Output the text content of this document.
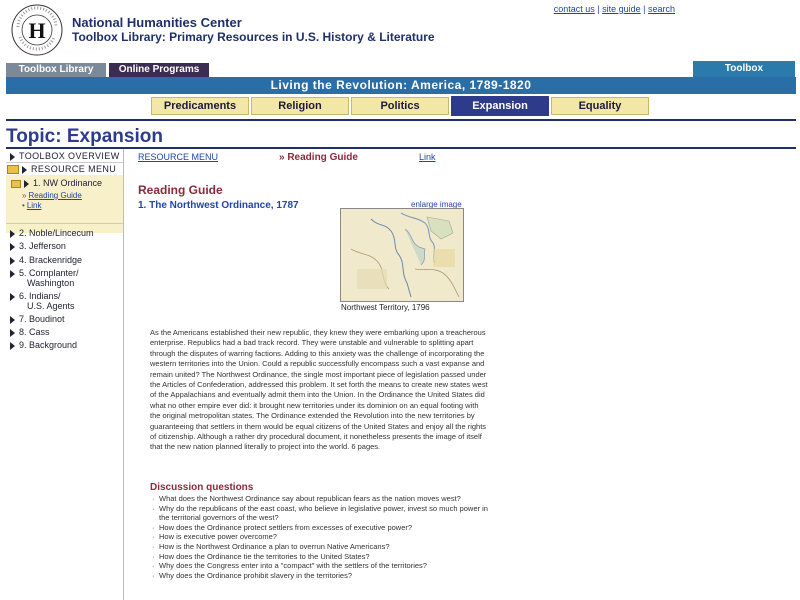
H National Humanities Center
Toolbox Library: Primary Resources in U.S. History & Literature
contact us | site guide | search
Toolbox Library	Online Programs	Toolbox
Living the Revolution: America, 1789-1820
Predicaments	Religion	Politics	Expansion	Equality
Topic: Expansion
TOOLBOX OVERVIEW
RESOURCE MENU
1. NW Ordinance
» Reading Guide
• Link
2. Noble/Lincecum
3. Jefferson
4. Brackenridge
5. Cornplanter/
Washington
6. Indians/
U.S. Agents
7. Boudinot
8. Cass
9. Background
RESOURCE MENU	» Reading Guide	Link
Reading Guide
1. The Northwest Ordinance, 1787	enlarge image
Northwest Territory, 1796

As the Americans established their new republic, they knew they were embarking upon a treacherous enterprise. Republics had a bad track record. They were unstable and vulnerable to splitting apart through the disputes of warring factions. Adding to this anxiety was the challenge of incorporating the western territories into the Union. Could a republic successfully encompass such a vast expanse and remain united? The Northwest Ordinance, the single most important piece of legislation passed under the Articles of Confederation, addressed this problem. It set forth the means to create new states west of the Appalachians and eventually admit them into the Union. In the Ordinance the United States did what no other empire ever did: it brought new territories under its dominion on an equal footing with the original metropolitan states. The Ordinance extended the Revolution into the new territories by guaranteeing that settlers in them would be equal citizens of the United States and enjoy all the rights of citizenship. Although a rather dry procedural document, it nonetheless presents the image of itself that the new nation planned literally to project into the world. 6 pages.

Discussion questions
· What does the Northwest Ordinance say about republican fears as the nation moves west?
· Why do the republicans of the east coast, who believe in legislative power, invest so much power in the territorial governors of the west?
· How does the Ordinance protect settlers from excesses of executive power?
· How is executive power overcome?
· How is the Northwest Ordinance a plan to overrun Native Americans?
· How does the Ordinance tie the territories to the United States?
· Why does the Congress enter into a "compact" with the settlers of the territories?
· Why does the Ordinance prohibit slavery in the territories?
